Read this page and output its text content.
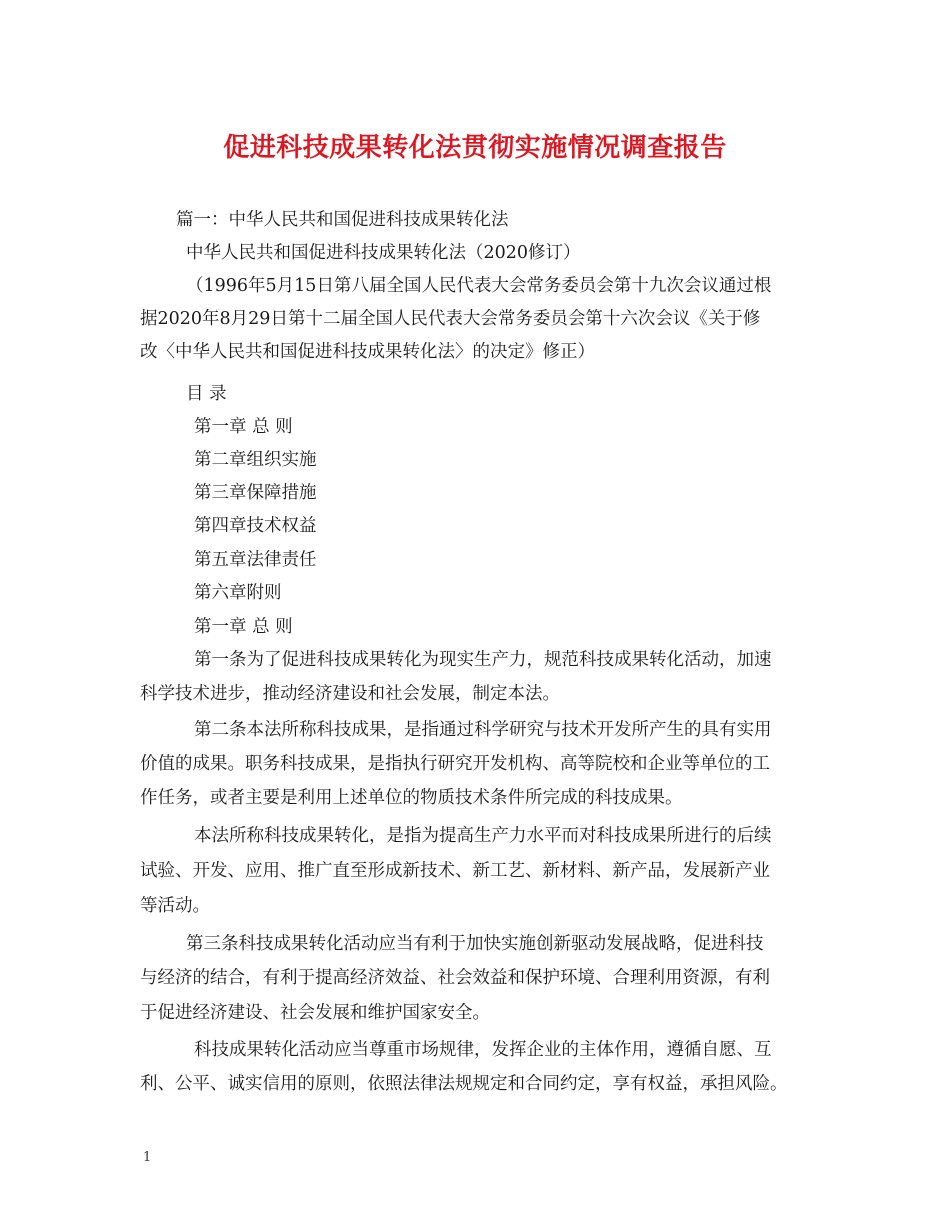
促进科技成果转化法贯彻实施情况调查报告
篇一：中华人民共和国促进科技成果转化法
中华人民共和国促进科技成果转化法（2020修订）
（1996年5月15日第八届全国人民代表大会常务委员会第十九次会议通过根
据2020年8月29日第十二届全国人民代表大会常务委员会第十六次会议《关于修
改〈中华人民共和国促进科技成果转化法〉的决定》修正）
目 录
第一章 总 则
第二章组织实施
第三章保障措施
第四章技术权益
第五章法律责任
第六章附则
第一章 总 则
第一条为了促进科技成果转化为现实生产力，规范科技成果转化活动，加速
科学技术进步，推动经济建设和社会发展，制定本法。
第二条本法所称科技成果，是指通过科学研究与技术开发所产生的具有实用
价值的成果。职务科技成果，是指执行研究开发机构、高等院校和企业等单位的工
作任务，或者主要是利用上述单位的物质技术条件所完成的科技成果。
本法所称科技成果转化，是指为提高生产力水平而对科技成果所进行的后续
试验、开发、应用、推广直至形成新技术、新工艺、新材料、新产品，发展新产业
等活动。
第三条科技成果转化活动应当有利于加快实施创新驱动发展战略，促进科技
与经济的结合，有利于提高经济效益、社会效益和保护环境、合理利用资源，有利
于促进经济建设、社会发展和维护国家安全。
科技成果转化活动应当尊重市场规律，发挥企业的主体作用，遵循自愿、互
利、公平、诚实信用的原则，依照法律法规规定和合同约定，享有权益，承担风险。
1
